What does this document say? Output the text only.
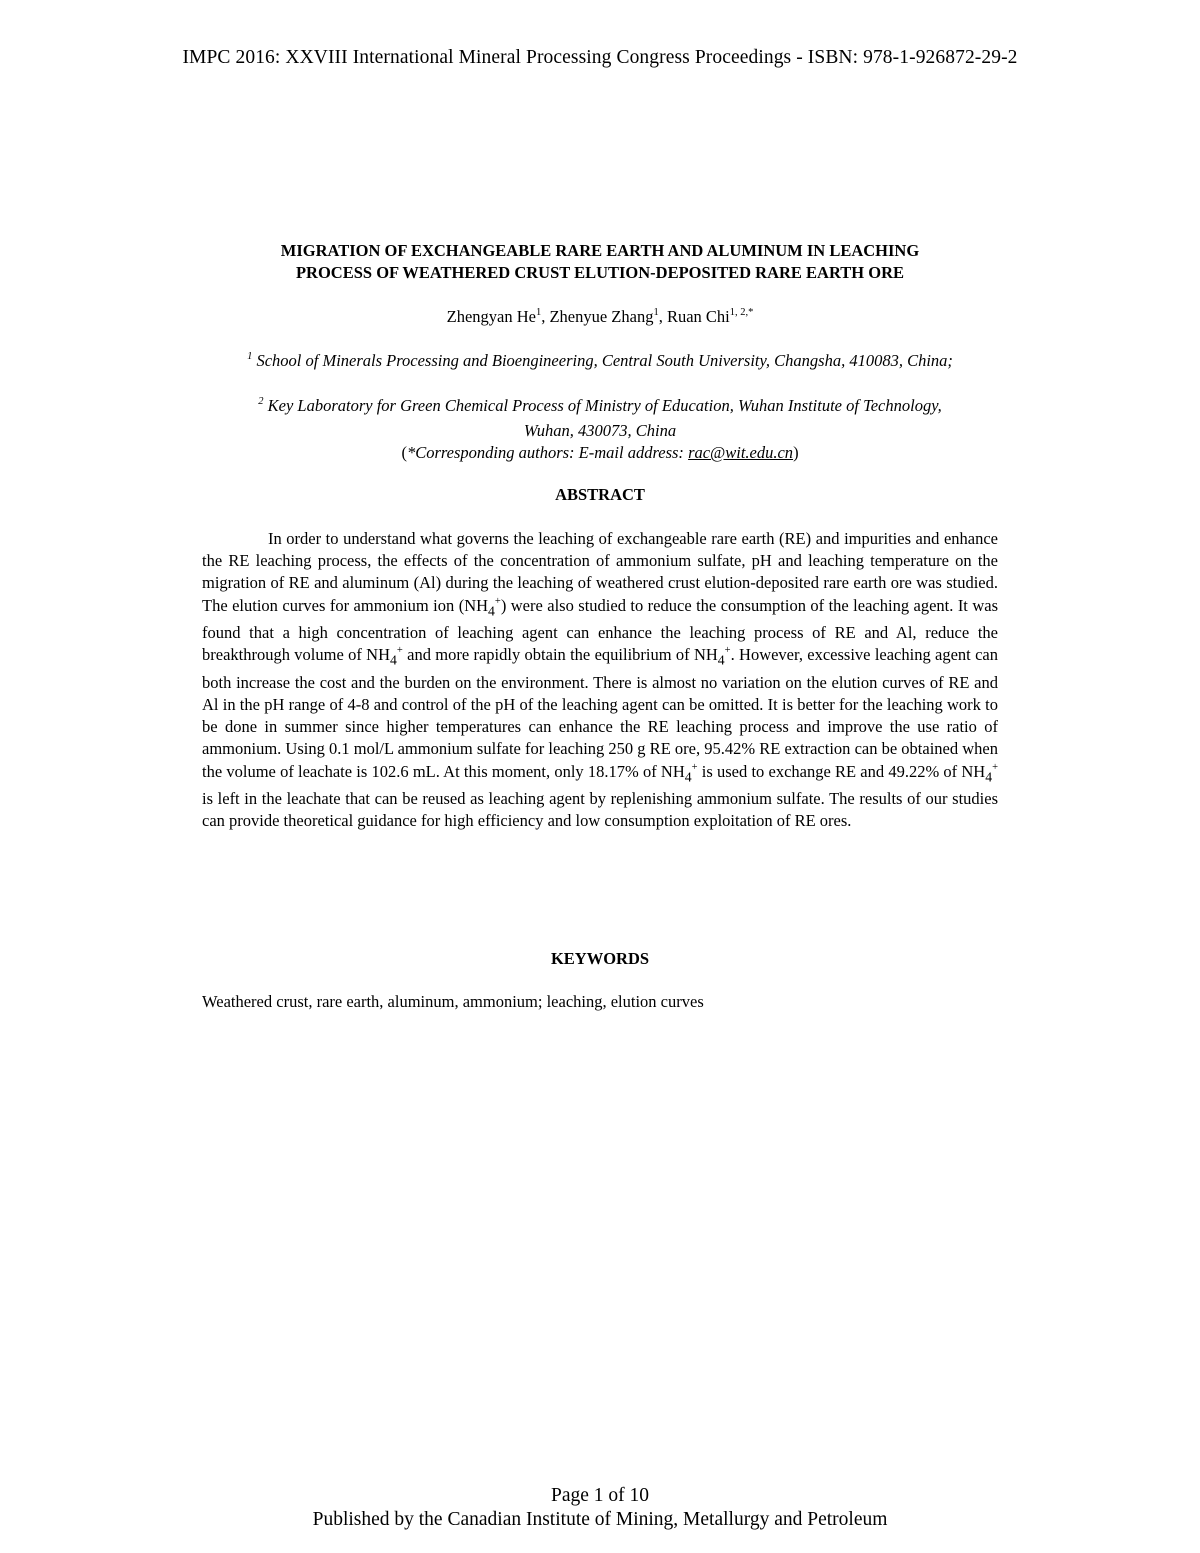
IMPC 2016: XXVIII International Mineral Processing Congress Proceedings - ISBN: 978-1-926872-29-2
MIGRATION OF EXCHANGEABLE RARE EARTH AND ALUMINUM IN LEACHING
PROCESS OF WEATHERED CRUST ELUTION-DEPOSITED RARE EARTH ORE
Zhengyan He$^1$, Zhenyue Zhang$^1$, Ruan Chi$^{1, 2,*}$
$^1$ School of Minerals Processing and Bioengineering, Central South University, Changsha, 410083, China;
$^2$ Key Laboratory for Green Chemical Process of Ministry of Education, Wuhan Institute of Technology,
Wuhan, 430073, China
(*Corresponding authors: E-mail address: rac@wit.edu.cn)
ABSTRACT

In order to understand what governs the leaching of exchangeable rare earth (RE) and impurities and enhance the RE leaching process, the effects of the concentration of ammonium sulfate, pH and leaching temperature on the migration of RE and aluminum (Al) during the leaching of weathered crust elution-deposited rare earth ore was studied. The elution curves for ammonium ion $(NH_4^+)$ were also studied to reduce the consumption of the leaching agent. It was found that a high concentration of leaching agent can enhance the leaching process of RE and Al, reduce the breakthrough volume of $NH_4^+$ and more rapidly obtain the equilibrium of $NH_4^+$. However, excessive leaching agent can both increase the cost and the burden on the environment. There is almost no variation on the elution curves of RE and Al in the pH range of 4-8 and control of the pH of the leaching agent can be omitted. It is better for the leaching work to be done in summer since higher temperatures can enhance the RE leaching process and improve the use ratio of ammonium. Using 0.1 mol/L ammonium sulfate for leaching 250 g RE ore, 95.42% RE extraction can be obtained when the volume of leachate is 102.6 mL. At this moment, only 18.17% of $NH_4^+$ is used to exchange RE and 49.22% of $NH_4^+$ is left in the leachate that can be reused as leaching agent by replenishing ammonium sulfate. The results of our studies can provide theoretical guidance for high efficiency and low consumption exploitation of RE ores.

KEYWORDS
Weathered crust, rare earth, aluminum, ammonium; leaching, elution curves
Page 1 of 10
Published by the Canadian Institute of Mining, Metallurgy and Petroleum
